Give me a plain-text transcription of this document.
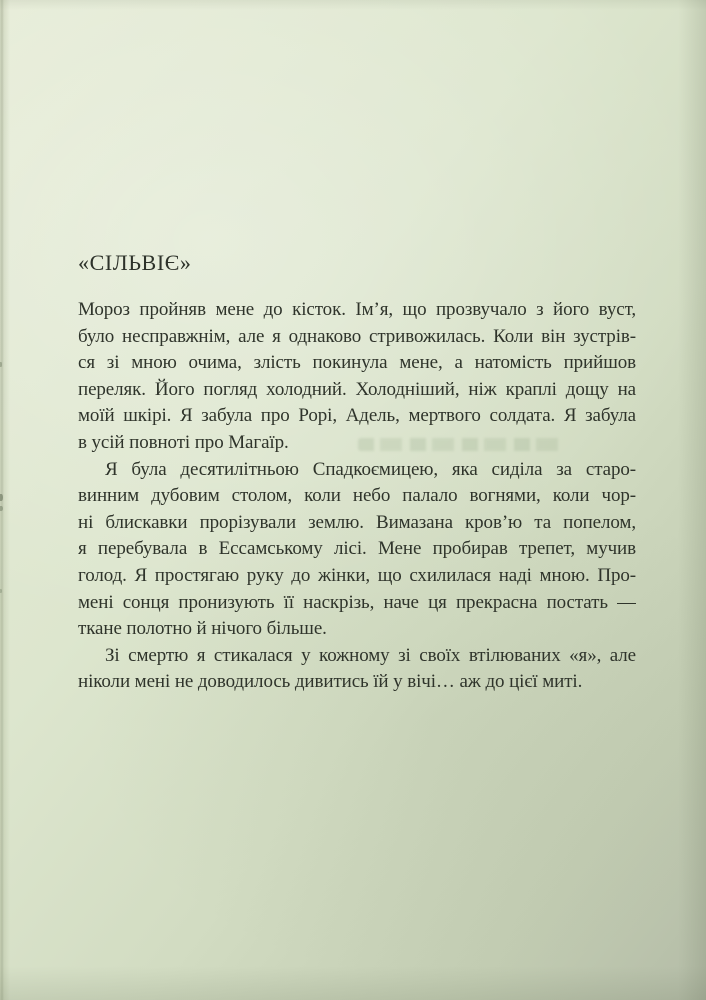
«СІЛЬВІЄ»
Мороз пройняв мене до кісток. Ім’я, що прозвучало з його вуст,
було несправжнім, але я однаково стривожилась. Коли він зустрів-
ся зі мною очима, злість покинула мене, а натомість прийшов
переляк. Його погляд холодний. Холодніший, ніж краплі дощу на
моїй шкірі. Я забула про Рорі, Адель, мертвого солдата. Я забула
в усій повноті про Магаїр.
Я була десятилітньою Спадкоємицею, яка сиділа за старо-
винним дубовим столом, коли небо палало вогнями, коли чор-
ні блискавки прорізували землю. Вимазана кров’ю та попелом,
я перебувала в Ессамському лісі. Мене пробирав трепет, мучив
голод. Я простягаю руку до жінки, що схилилася наді мною. Про-
мені сонця пронизують її наскрізь, наче ця прекрасна постать —
ткане полотно й нічого більше.
Зі смертю я стикалася у кожному зі своїх втілюваних «я», але
ніколи мені не доводилось дивитись їй у вічі… аж до цієї миті.
